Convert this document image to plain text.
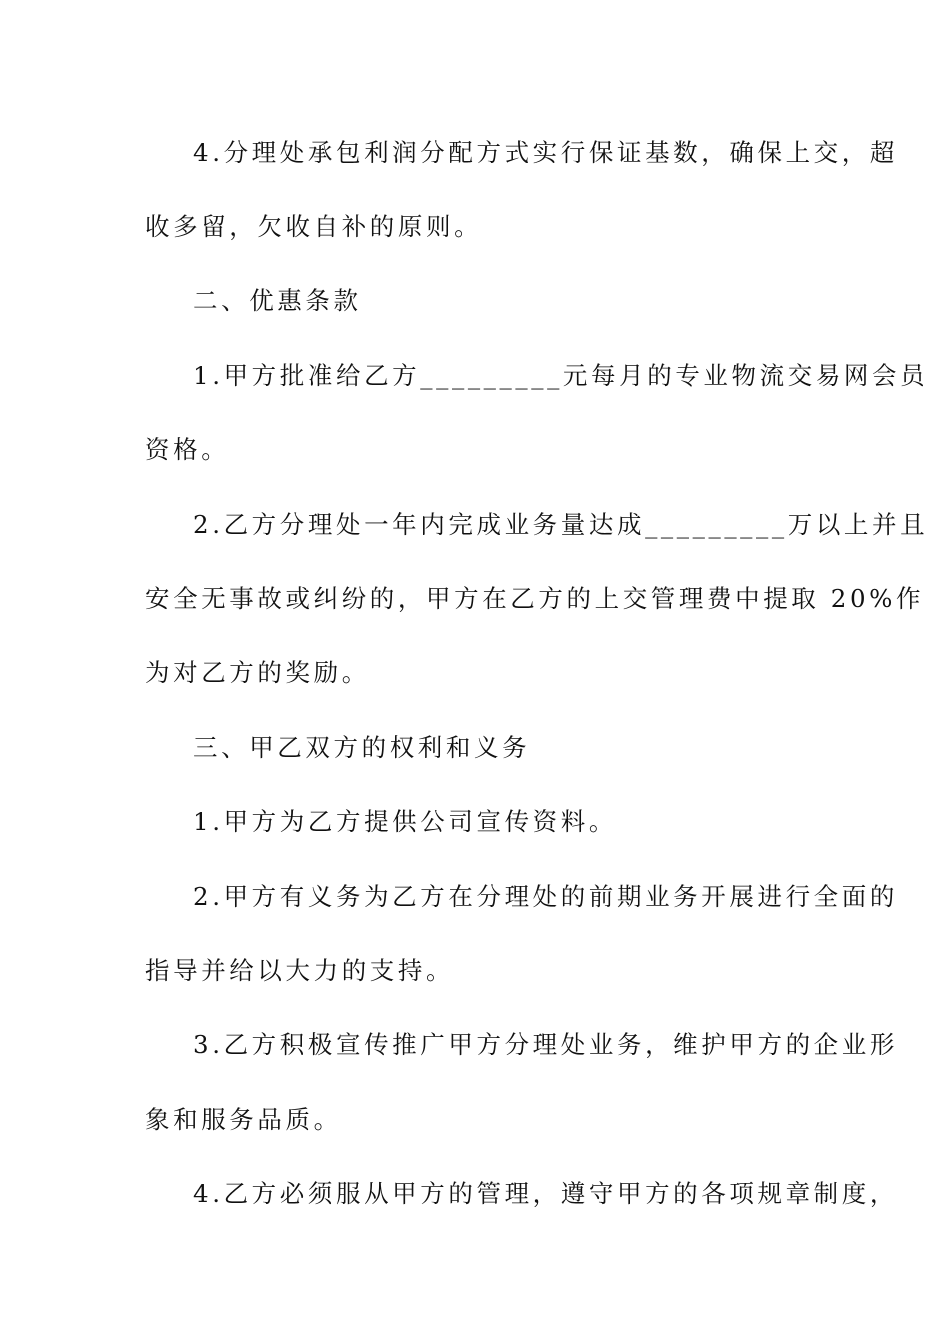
4.分理处承包利润分配方式实行保证基数，确保上交，超
收多留，欠收自补的原则。
二、优惠条款
1.甲方批准给乙方_________元每月的专业物流交易网会员
资格。
2.乙方分理处一年内完成业务量达成_________万以上并且
安全无事故或纠纷的，甲方在乙方的上交管理费中提取 20%作
为对乙方的奖励。
三、甲乙双方的权利和义务
1.甲方为乙方提供公司宣传资料。
2.甲方有义务为乙方在分理处的前期业务开展进行全面的
指导并给以大力的支持。
3.乙方积极宣传推广甲方分理处业务，维护甲方的企业形
象和服务品质。
4.乙方必须服从甲方的管理，遵守甲方的各项规章制度，
